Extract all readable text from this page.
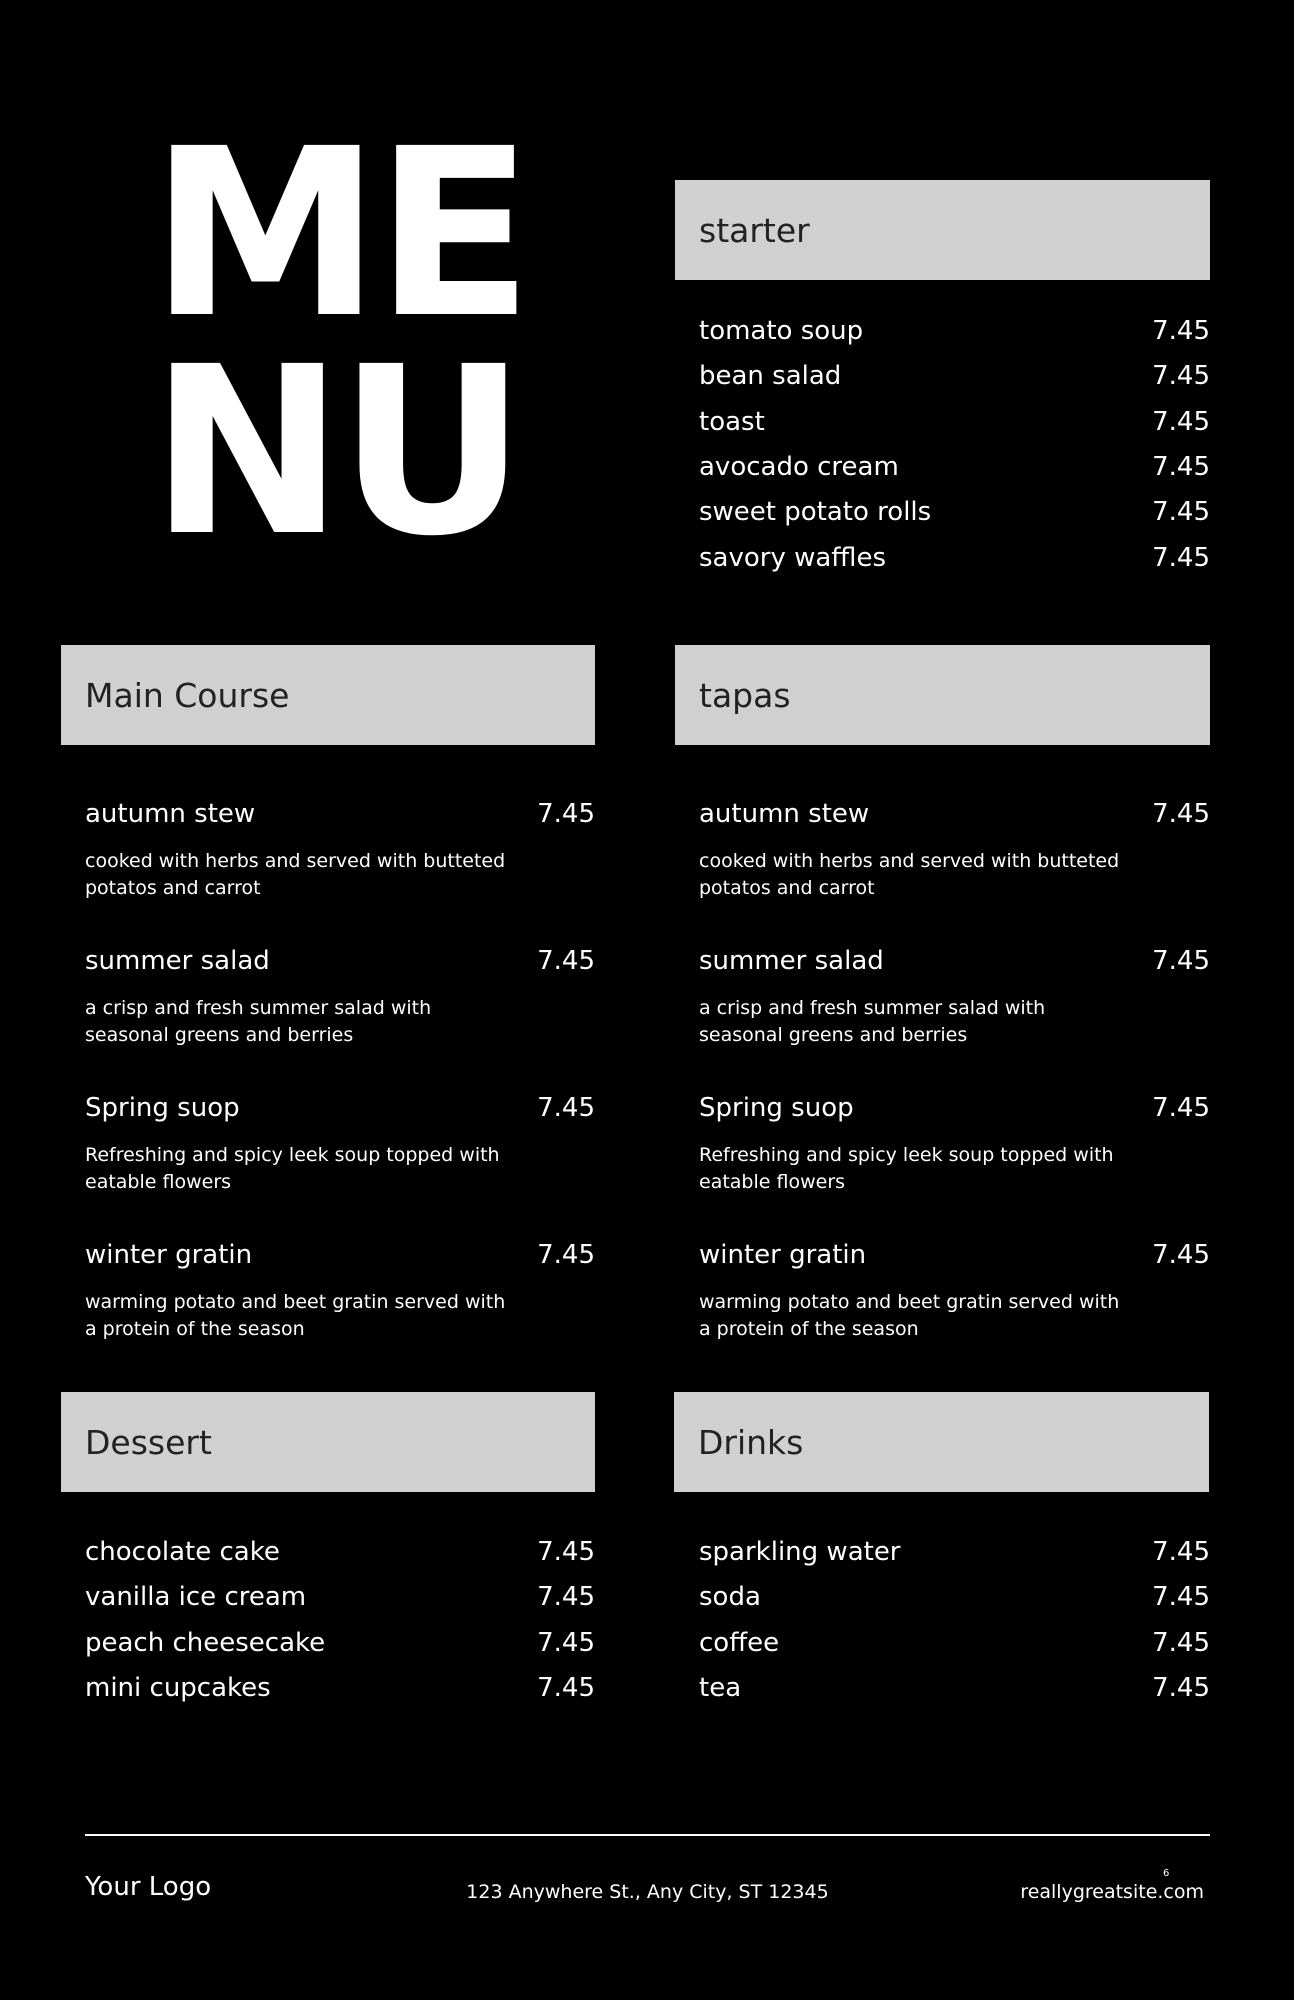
ME
NU
starter
tomato soup	7.45
bean salad	7.45
toast	7.45
avocado cream	7.45
sweet potato rolls	7.45
savory waffles	7.45
Main Course
autumn stew	7.45
cooked with herbs and served with butteted potatos and carrot
summer salad	7.45
a crisp and fresh summer salad with seasonal greens and berries
Spring suop	7.45
Refreshing and spicy leek soup topped with eatable flowers
winter gratin	7.45
warming potato and beet gratin served with a protein of the season
tapas
autumn stew	7.45
cooked with herbs and served with butteted potatos and carrot
summer salad	7.45
a crisp and fresh summer salad with seasonal greens and berries
Spring suop	7.45
Refreshing and spicy leek soup topped with eatable flowers
winter gratin	7.45
warming potato and beet gratin served with a protein of the season
Dessert
chocolate cake	7.45
vanilla ice cream	7.45
peach cheesecake	7.45
mini cupcakes	7.45
Drinks
sparkling water	7.45
soda	7.45
coffee	7.45
tea	7.45
Your Logo	123 Anywhere St., Any City, ST 12345
6
reallygreatsite.com
